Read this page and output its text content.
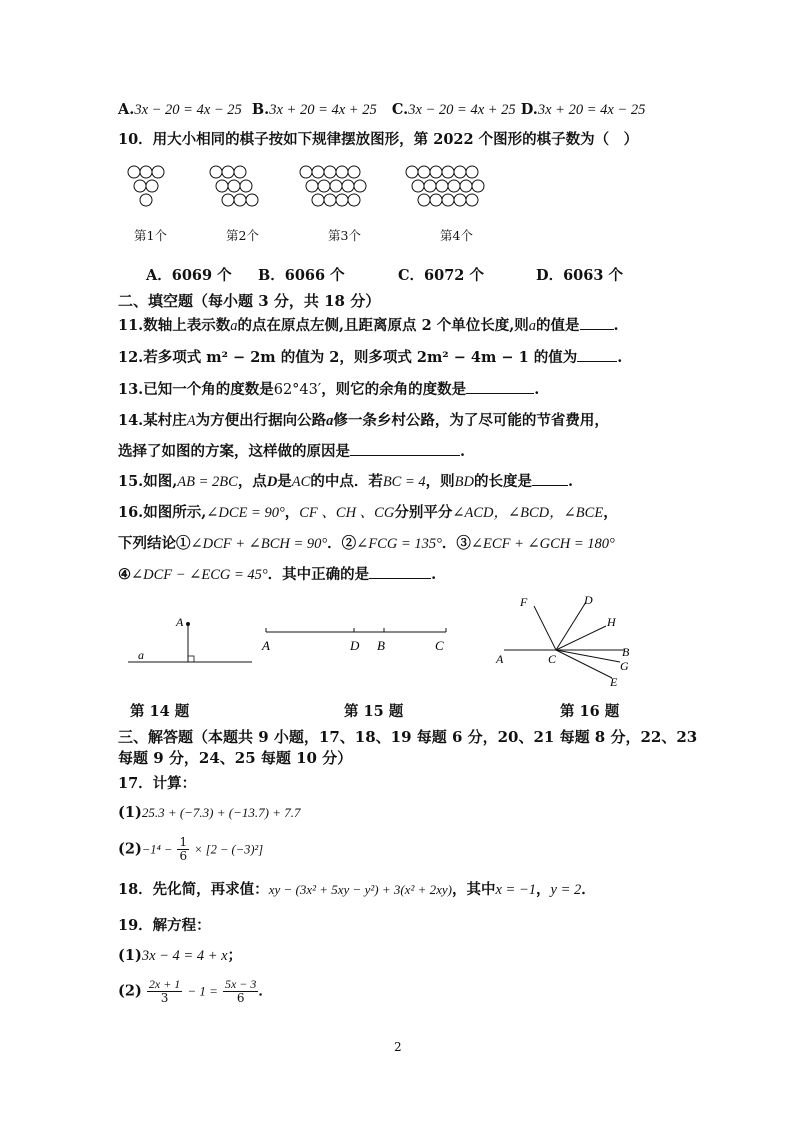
A.3x − 20 = 4x − 25 B.3x + 20 = 4x + 25 C.3x − 20 = 4x + 25 D.3x + 20 = 4x − 25
10．用大小相同的棋子按如下规律摆放图形，第 2022 个图形的棋子数为（　）
第1个	第2个	第3个	第4个
A．6069 个 B．6066 个	C．6072 个	D．6063 个
二、填空题（每小题 3 分，共 18 分）
11.数轴上表示数a的点在原点左侧,且距离原点 2 个单位长度,则a的值是 .
12.若多项式 m² − 2m 的值为 2，则多项式 2m² − 4m − 1 的值为	.
13.已知一个角的度数是62°43′，则它的余角的度数是	.
14.某村庄A为方便出行据向公路a修一条乡村公路，为了尽可能的节省费用，
选择了如图的方案，这样做的原因是	.
15.如图,AB = 2BC，点D是AC的中点．若BC = 4，则BD的长度是 .
16.如图所示,∠DCE = 90°，CF 、CH 、CG分别平分∠ACD，∠BCD，∠BCE，
下列结论①∠DCF + ∠BCH = 90°．②∠FCG = 135°．③∠ECF + ∠GCH = 180°
④∠DCF − ∠ECG = 45°．其中正确的是	.
A
a
A	D B	C
F	D
H
B
G
E
A	C
第 14 题	第 15 题	第 16 题
三、解答题（本题共 9 小题，17、18、19 每题 6 分，20、21 每题 8 分，22、23
每题 9 分，24、25 每题 10 分）
17．计算：
(1)25.3 + (−7.3) + (−13.7) + 7.7
$(2)-1^4 - \frac{1}{6} \times [2 - (-3)^2]$
18．先化简，再求值：xy − (3x² + 5xy − y²) + 3(x² + 2xy)，其中x = −1，y = 2．
19．解方程：
(1)3x − 4 = 4 + x；
$(2) \frac{2x + 1}{3} - 1 = \frac{5x - 3}{6}$ ．
2
